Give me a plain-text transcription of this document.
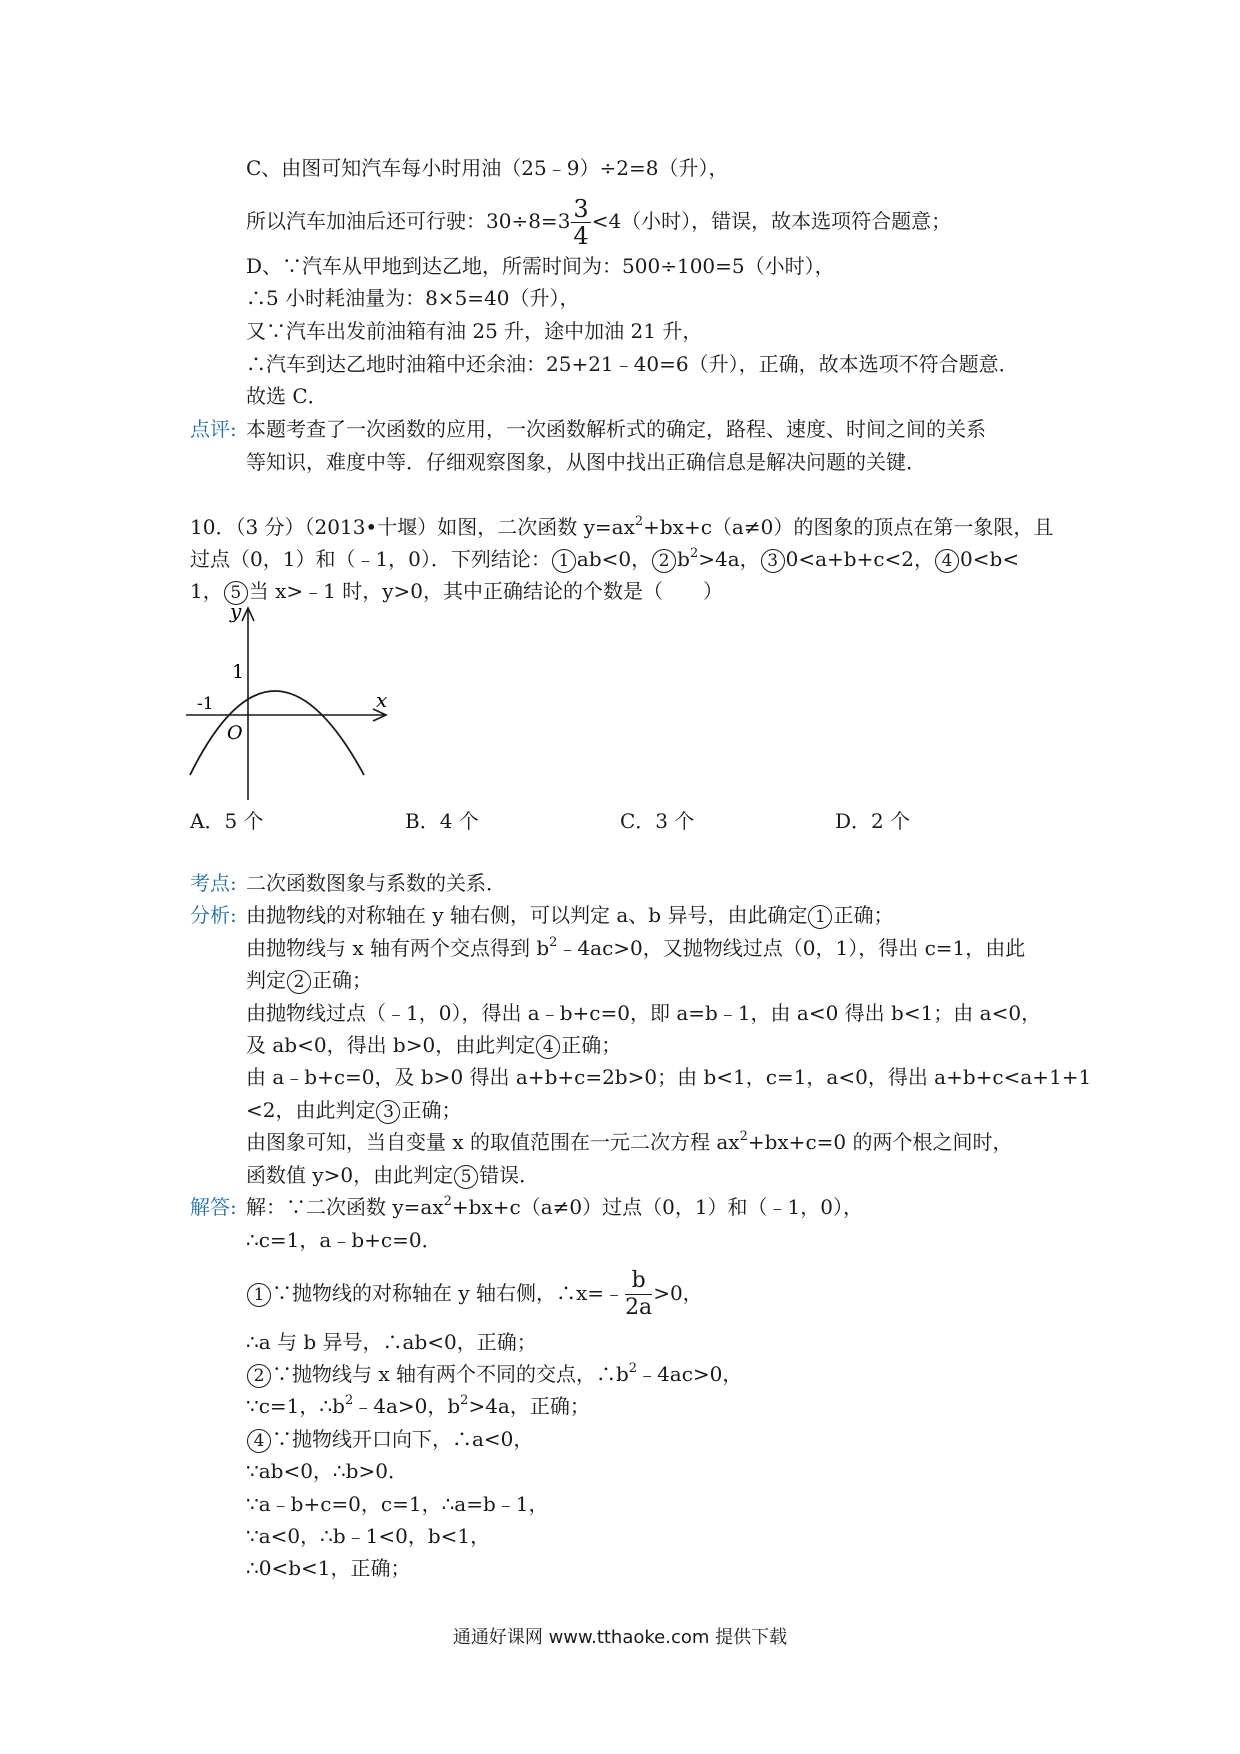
C、由图可知汽车每小时用油（25﹣9）÷2=8（升），
所以汽车加油后还可行驶：$30\div 8=3 \frac{3}{4} <4$（小时），错误，故本选项符合题意；
D、∵汽车从甲地到达乙地，所需时间为：500÷100=5（小时），
∴5 小时耗油量为：8×5=40（升），
又∵汽车出发前油箱有油 25 升，途中加油 21 升，
∴汽车到达乙地时油箱中还余油：25+21﹣40=6（升），正确，故本选项不符合题意．
故选 C．
点评: 本题考查了一次函数的应用，一次函数解析式的确定，路程、速度、时间之间的关系
等知识，难度中等．仔细观察图象，从图中找出正确信息是解决问题的关键．
10．（3 分）（2013•十堰）如图，二次函数 $y=ax^2+bx+c(a\ne 0)$的图象的顶点在第一象限，且
过点（0，1）和（﹣1，0）．下列结论： 1 ab<0， 2 $b^2>4a$， 3 0<a+b+c<2， 4 0<b<
1， 5 当 x>﹣1 时，y>0，其中正确结论的个数是（　　）
y
x
1
-1
O
A．5 个	B．4 个	C．3 个	D．2 个
考点: 二次函数图象与系数的关系．
分析: 由抛物线的对称轴在 y 轴右侧，可以判定 a、b 异号，由此确定 1 正确；
由抛物线与 x 轴有两个交点得到 $b^2﹣4ac>0$，又抛物线过点（0，1），得出 c=1，由此
判定 2 正确；
由抛物线过点（﹣1，0），得出 a﹣b+c=0，即 a=b﹣1，由 a<0 得出 b<1；由 a<0，
及 ab<0，得出 b>0，由此判定 4 正确；
由 a﹣b+c=0，及 b>0 得出 a+b+c=2b>0；由 b<1，c=1，a<0，得出 a+b+c<a+1+1
<2，由此判定 3 正确；
由图象可知，当自变量 x 的取值范围在一元二次方程 $ax^2+bx+c=0$ 的两个根之间时，
函数值 y>0，由此判定 5 错误．
解答: 解：∵二次函数 $y=ax^2+bx+c(a\ne 0)$过点（0，1）和（﹣1，0），
∴c=1，a﹣b+c=0．
1 ∵抛物线的对称轴在 y 轴右侧，∴x=﹣ $\frac{b}{2a} >0$，
∴a 与 b 异号，∴ab<0，正确；
2 ∵抛物线与 x 轴有两个不同的交点，$\therefore b^2﹣4ac>0$，
∵c=1，$\therefore b^2﹣4a>0$，$b^2>4a$，正确；
4 ∵抛物线开口向下，∴a<0，
∵ab<0，∴b>0．
∵a﹣b+c=0，c=1，∴a=b﹣1，
∵a<0，∴b﹣1<0，b<1，
∴0<b<1，正确；
通通好课网 www.tthaoke.com 提供下载
